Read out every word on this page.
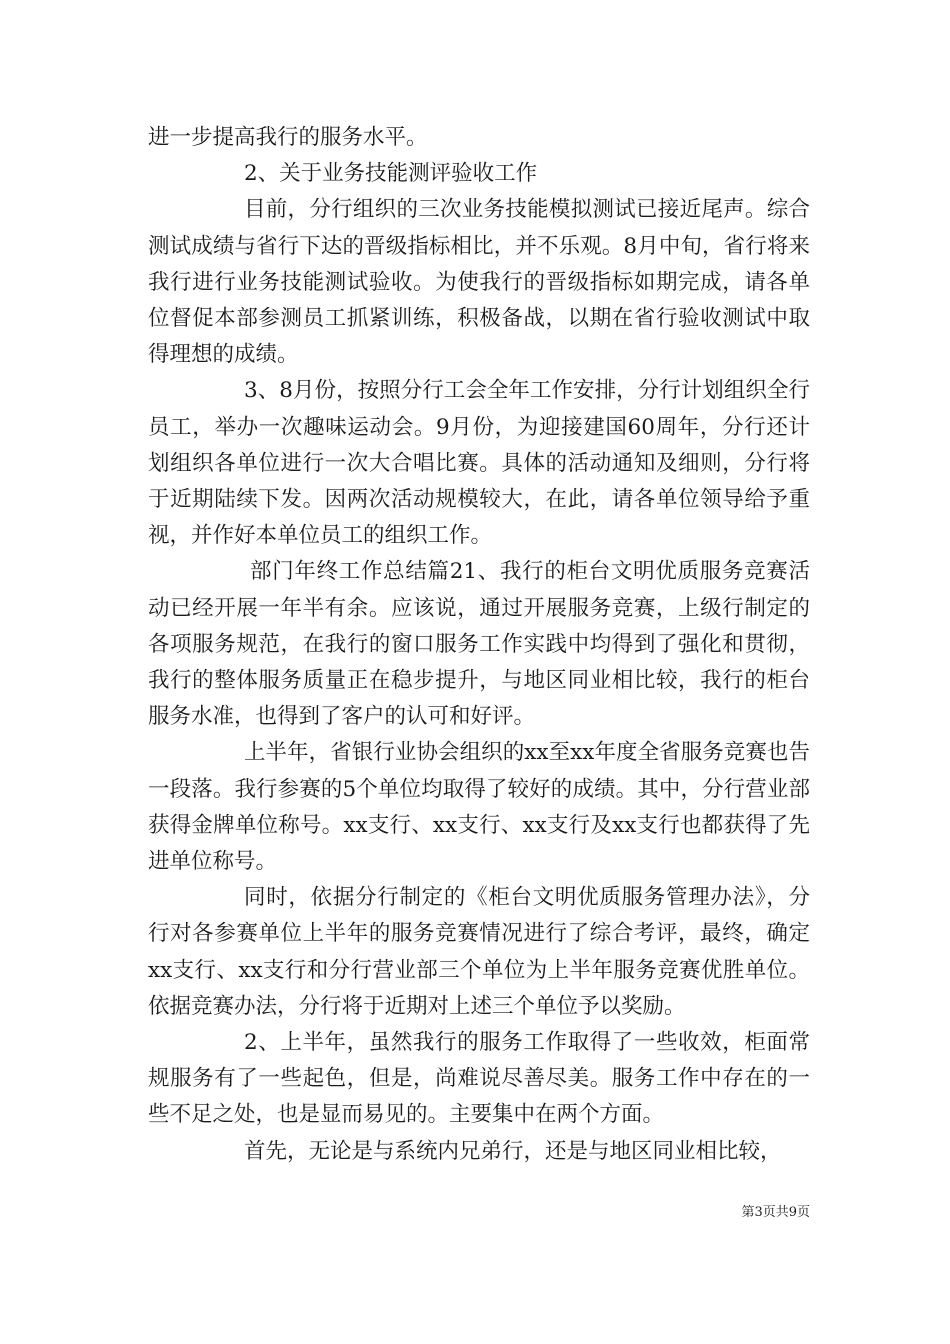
进一步提高我行的服务水平。

2、关于业务技能测评验收工作

目前，分行组织的三次业务技能模拟测试已接近尾声。综合测试成绩与省行下达的晋级指标相比，并不乐观。8月中旬，省行将来我行进行业务技能测试验收。为使我行的晋级指标如期完成，请各单位督促本部参测员工抓紧训练，积极备战，以期在省行验收测试中取得理想的成绩。

3、8月份，按照分行工会全年工作安排，分行计划组织全行员工，举办一次趣味运动会。9月份，为迎接建国60周年，分行还计划组织各单位进行一次大合唱比赛。具体的活动通知及细则，分行将于近期陆续下发。因两次活动规模较大，在此，请各单位领导给予重视，并作好本单位员工的组织工作。

部门年终工作总结篇21、我行的柜台文明优质服务竞赛活动已经开展一年半有余。应该说，通过开展服务竞赛，上级行制定的各项服务规范，在我行的窗口服务工作实践中均得到了强化和贯彻，我行的整体服务质量正在稳步提升，与地区同业相比较，我行的柜台服务水准，也得到了客户的认可和好评。

上半年，省银行业协会组织的xx至xx年度全省服务竞赛也告一段落。我行参赛的5个单位均取得了较好的成绩。其中，分行营业部获得金牌单位称号。xx支行、xx支行、xx支行及xx支行也都获得了先进单位称号。

同时，依据分行制定的《柜台文明优质服务管理办法》，分行对各参赛单位上半年的服务竞赛情况进行了综合考评，最终，确定xx支行、xx支行和分行营业部三个单位为上半年服务竞赛优胜单位。依据竞赛办法，分行将于近期对上述三个单位予以奖励。

2、上半年，虽然我行的服务工作取得了一些收效，柜面常规服务有了一些起色，但是，尚难说尽善尽美。服务工作中存在的一些不足之处，也是显而易见的。主要集中在两个方面。

首先，无论是与系统内兄弟行，还是与地区同业相比较，

第3页共9页
